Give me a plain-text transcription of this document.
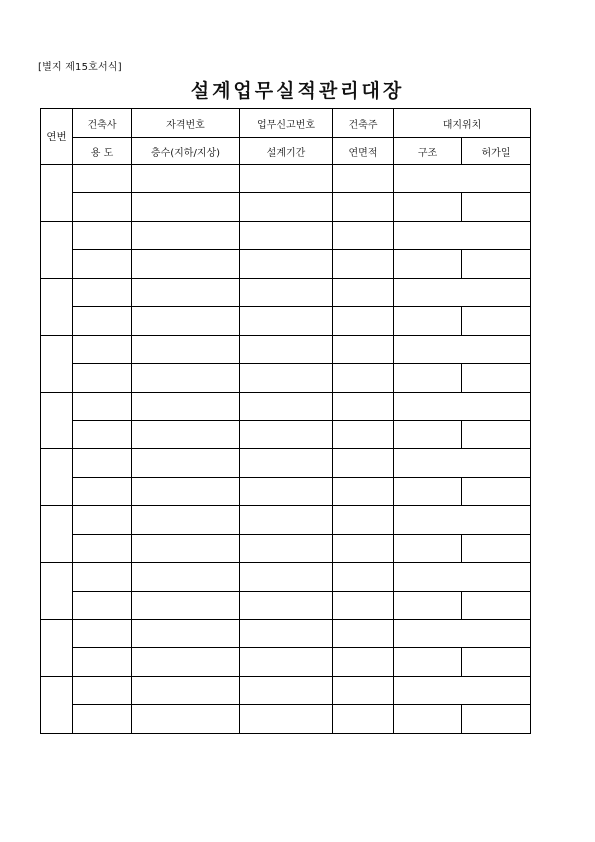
[별지 제15호서식]
설계업무실적관리대장
연번	건축사	자격번호	업무신고번호	건축주	대지위치	
	용 도	층수(지하/지상)	설계기간	연면적	구조	허가일
